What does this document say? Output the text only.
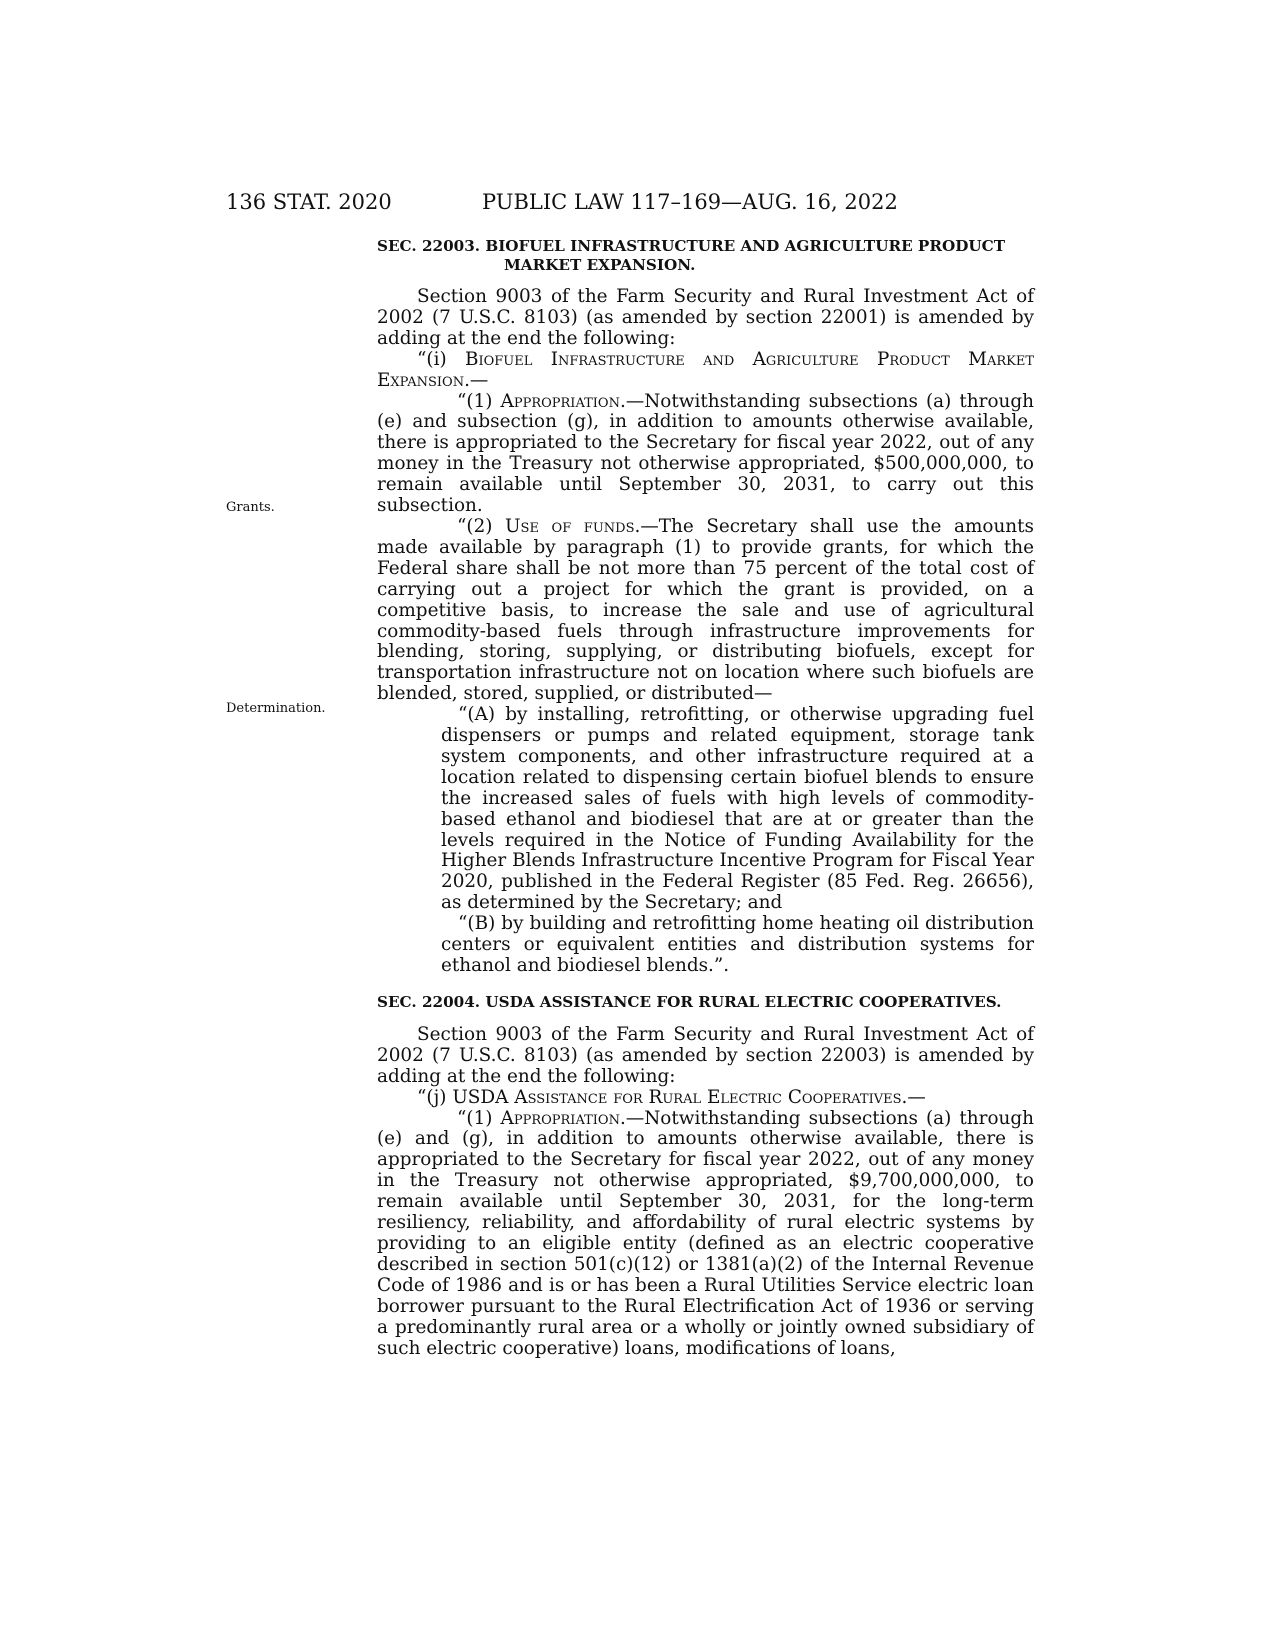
136 STAT. 2020	PUBLIC LAW 117–169—AUG. 16, 2022
Grants.
Determination.
SEC. 22003. BIOFUEL INFRASTRUCTURE AND AGRICULTURE PRODUCT
MARKET EXPANSION.

Section 9003 of the Farm Security and Rural Investment Act of 2002 (7 U.S.C. 8103) (as amended by section 22001) is amended by adding at the end the following:

“(i) Biofuel Infrastructure and Agriculture Product Market Expansion.—

“(1) Appropriation.—Notwithstanding subsections (a) through (e) and subsection (g), in addition to amounts otherwise available, there is appropriated to the Secretary for fiscal year 2022, out of any money in the Treasury not otherwise appropriated, $500,000,000, to remain available until September 30, 2031, to carry out this subsection.

“(2) Use of funds.—The Secretary shall use the amounts made available by paragraph (1) to provide grants, for which the Federal share shall be not more than 75 percent of the total cost of carrying out a project for which the grant is provided, on a competitive basis, to increase the sale and use of agricultural commodity-based fuels through infrastructure improvements for blending, storing, supplying, or distributing biofuels, except for transportation infrastructure not on location where such biofuels are blended, stored, supplied, or distributed—

“(A) by installing, retrofitting, or otherwise upgrading fuel dispensers or pumps and related equipment, storage tank system components, and other infrastructure required at a location related to dispensing certain biofuel blends to ensure the increased sales of fuels with high levels of commodity-based ethanol and biodiesel that are at or greater than the levels required in the Notice of Funding Availability for the Higher Blends Infrastructure Incentive Program for Fiscal Year 2020, published in the Federal Register (85 Fed. Reg. 26656), as determined by the Secretary; and

“(B) by building and retrofitting home heating oil distribution centers or equivalent entities and distribution systems for ethanol and biodiesel blends.”.

SEC. 22004. USDA ASSISTANCE FOR RURAL ELECTRIC COOPERATIVES.

Section 9003 of the Farm Security and Rural Investment Act of 2002 (7 U.S.C. 8103) (as amended by section 22003) is amended by adding at the end the following:

“(j) USDA Assistance for Rural Electric Cooperatives.—

“(1) Appropriation.—Notwithstanding subsections (a) through (e) and (g), in addition to amounts otherwise available, there is appropriated to the Secretary for fiscal year 2022, out of any money in the Treasury not otherwise appropriated, $9,700,000,000, to remain available until September 30, 2031, for the long-term resiliency, reliability, and affordability of rural electric systems by providing to an eligible entity (defined as an electric cooperative described in section 501(c)(12) or 1381(a)(2) of the Internal Revenue Code of 1986 and is or has been a Rural Utilities Service electric loan borrower pursuant to the Rural Electrification Act of 1936 or serving a predominantly rural area or a wholly or jointly owned subsidiary of such electric cooperative) loans, modifications of loans,
